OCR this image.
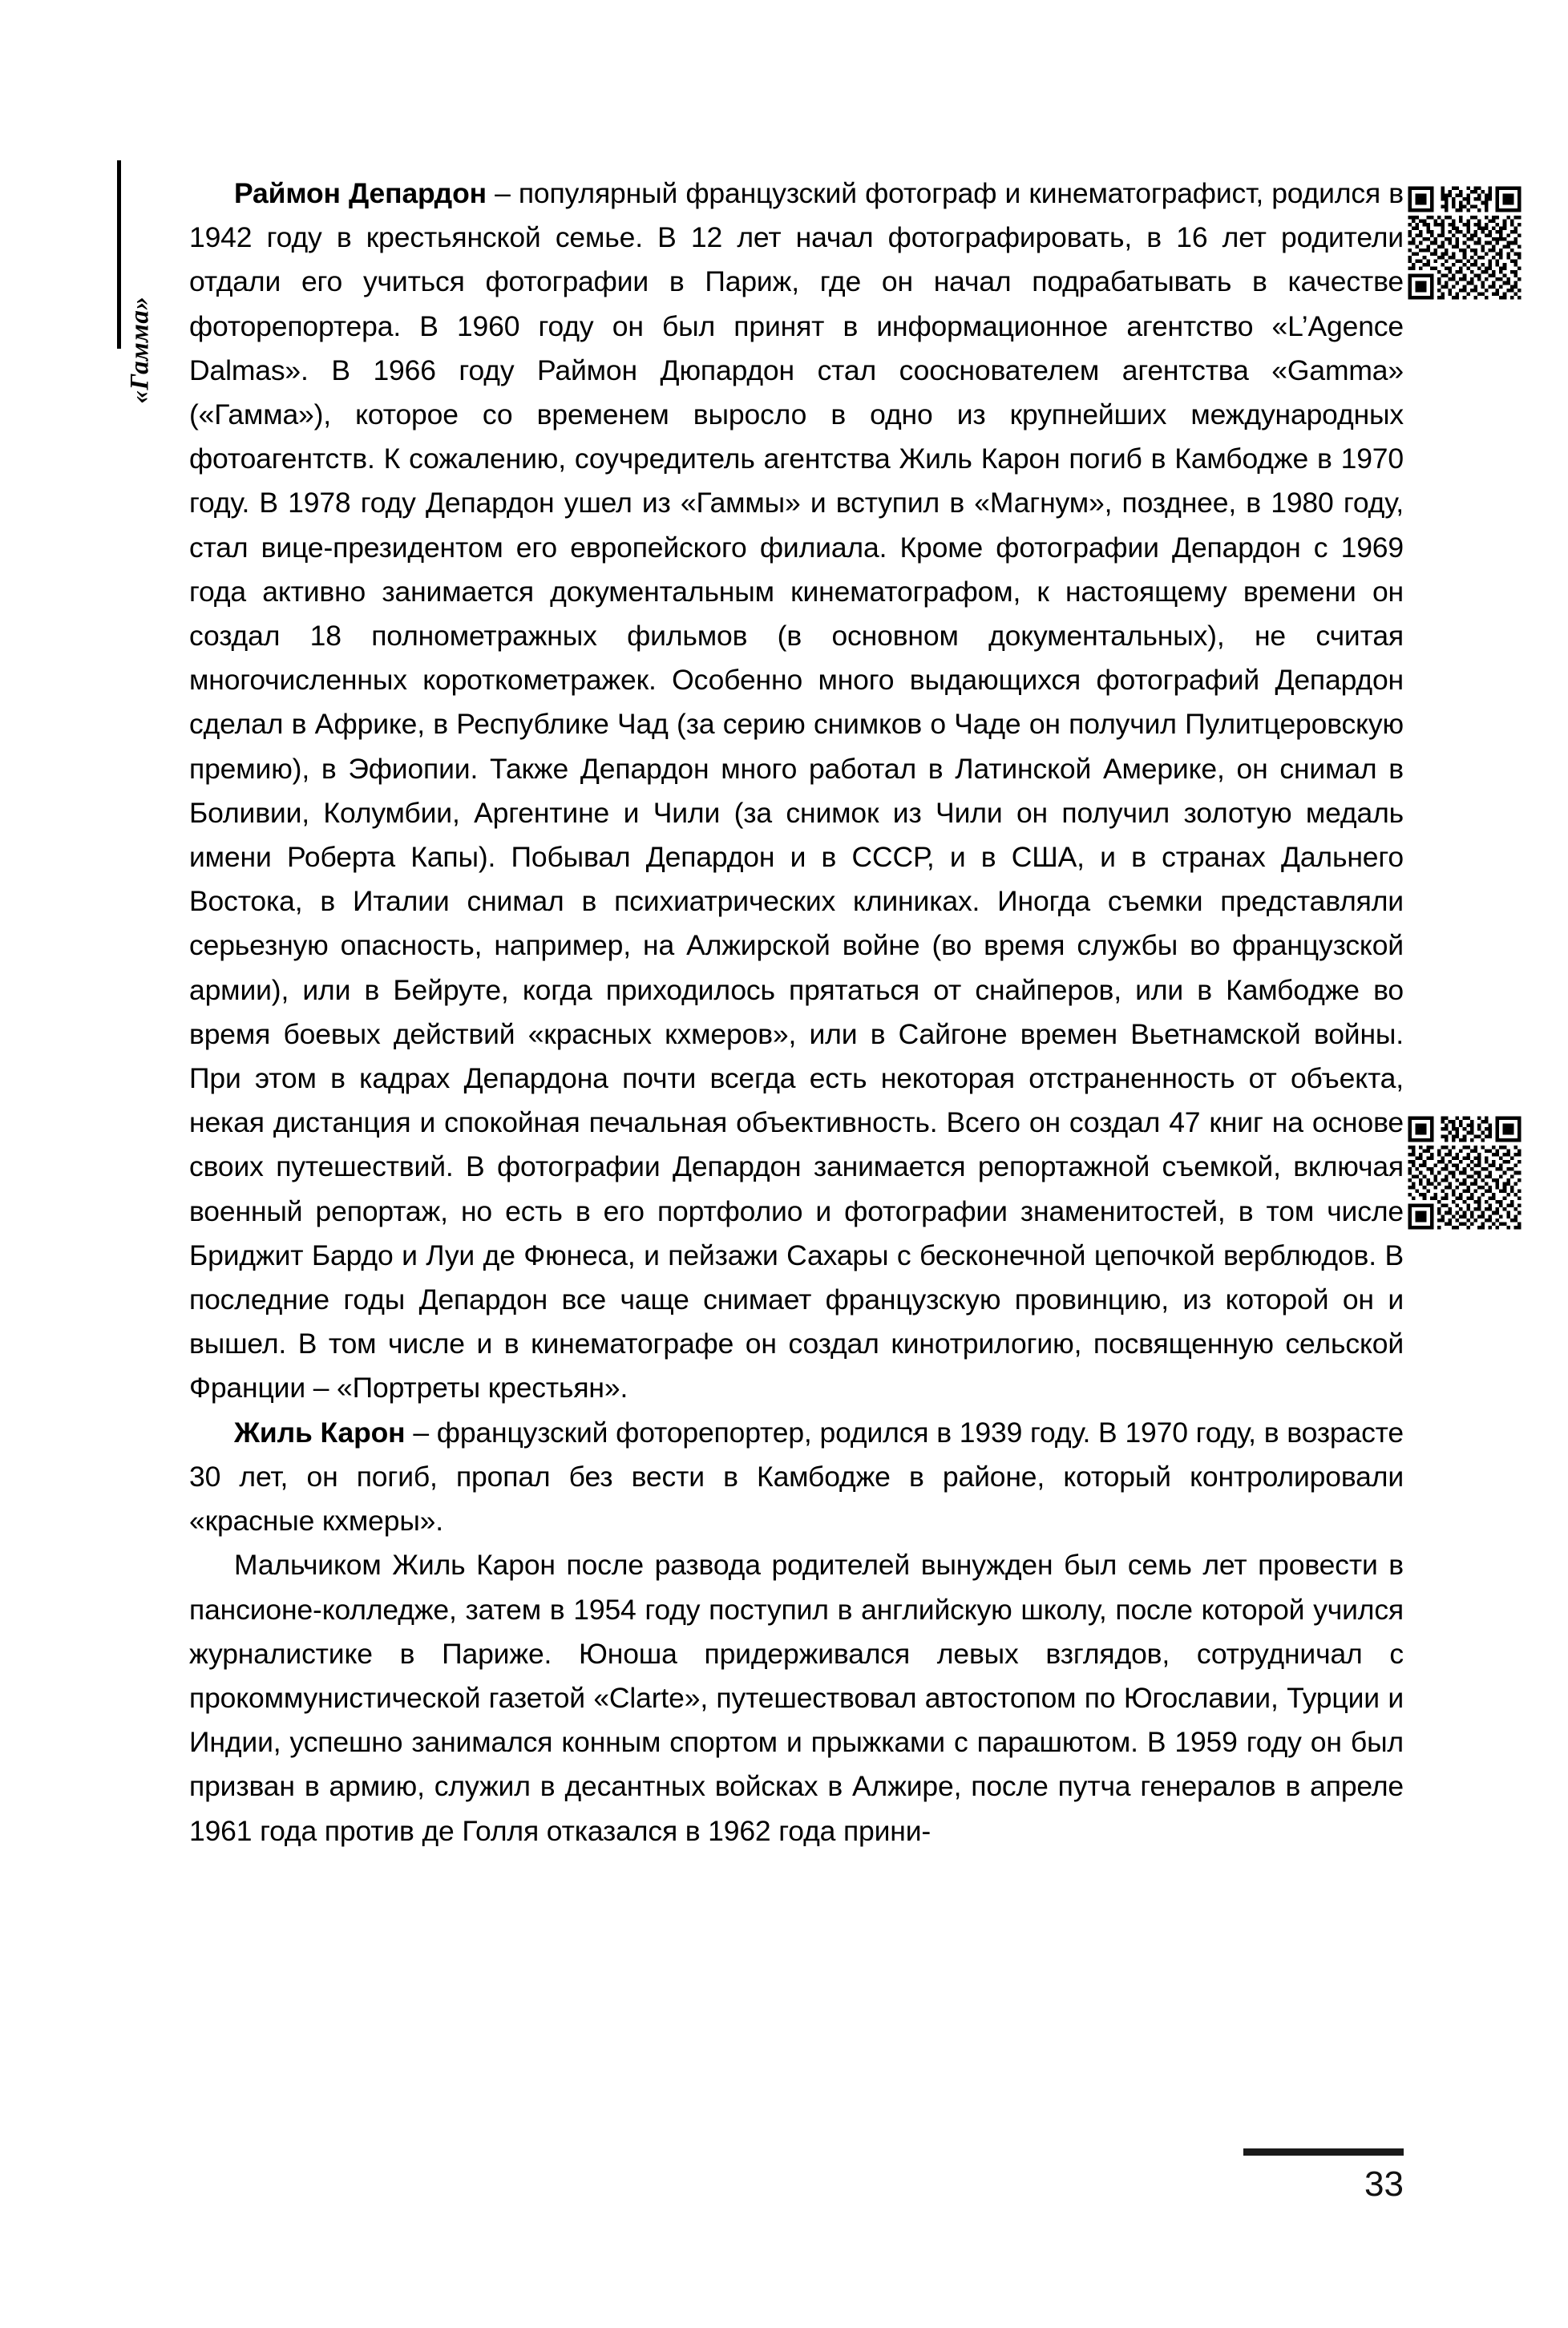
«Гамма»

Раймон Депардон – популярный французский фотограф и кинематографист, родился в 1942 году в крестьянской семье. В 12 лет начал фотографировать, в 16 лет родители отдали его учиться фотографии в Париж, где он начал подрабатывать в качестве фоторепортера. В 1960 году он был принят в информационное агентство «L’Agence Dalmas». В 1966 году Раймон Дюпардон стал сооснователем агентства «Gamma» («Гамма»), которое со временем выросло в одно из крупнейших международных фотоагентств. К сожалению, соучредитель агентства Жиль Карон погиб в Камбодже в 1970 году. В 1978 году Депардон ушел из «Гаммы» и вступил в «Магнум», позднее, в 1980 году, стал вице-президентом его европейского филиала. Кроме фотографии Депардон с 1969 года активно занимается документальным кинематографом, к настоящему времени он создал 18 полнометражных фильмов (в основном документальных), не считая многочисленных короткометражек. Особенно много выдающихся фотографий Депардон сделал в Африке, в Республике Чад (за серию снимков о Чаде он получил Пулитцеровскую премию), в Эфиопии. Также Депардон много работал в Латинской Америке, он снимал в Боливии, Колумбии, Аргентине и Чили (за снимок из Чили он получил золотую медаль имени Роберта Капы). Побывал Депардон и в СССР, и в США, и в странах Дальнего Востока, в Италии снимал в психиатрических клиниках. Иногда съемки представляли серьезную опасность, например, на Алжирской войне (во время службы во французской армии), или в Бейруте, когда приходилось прятаться от снайперов, или в Камбодже во время боевых действий «красных кхмеров», или в Сайгоне времен Вьетнамской войны. При этом в кадрах Депардона почти всегда есть некоторая отстраненность от объекта, некая дистанция и спокойная печальная объективность. Всего он создал 47 книг на основе своих путешествий. В фотографии Депардон занимается репортажной съемкой, включая военный репортаж, но есть в его портфолио и фотографии знаменитостей, в том числе Бриджит Бардо и Луи де Фюнеса, и пейзажи Сахары с бесконечной цепочкой верблюдов. В последние годы Депардон все чаще снимает французскую провинцию, из которой он и вышел. В том числе и в кинематографе он создал кинотрилогию, посвященную сельской Франции – «Портреты крестьян».

Жиль Карон – французский фоторепортер, родился в 1939 году. В 1970 году, в возрасте 30 лет, он погиб, пропал без вести в Камбодже в районе, который контролировали «красные кхмеры».

Мальчиком Жиль Карон после развода родителей вынужден был семь лет провести в пансионе-колледже, затем в 1954 году поступил в английскую школу, после которой учился журналистике в Париже. Юноша придерживался левых взглядов, сотрудничал с прокоммунистической газетой «Clarte», путешествовал автостопом по Югославии, Турции и Индии, успешно занимался конным спортом и прыжками с парашютом. В 1959 году он был призван в армию, служил в десантных войсках в Алжире, после путча генералов в апреле 1961 года против де Голля отказался в 1962 года прини-

33
